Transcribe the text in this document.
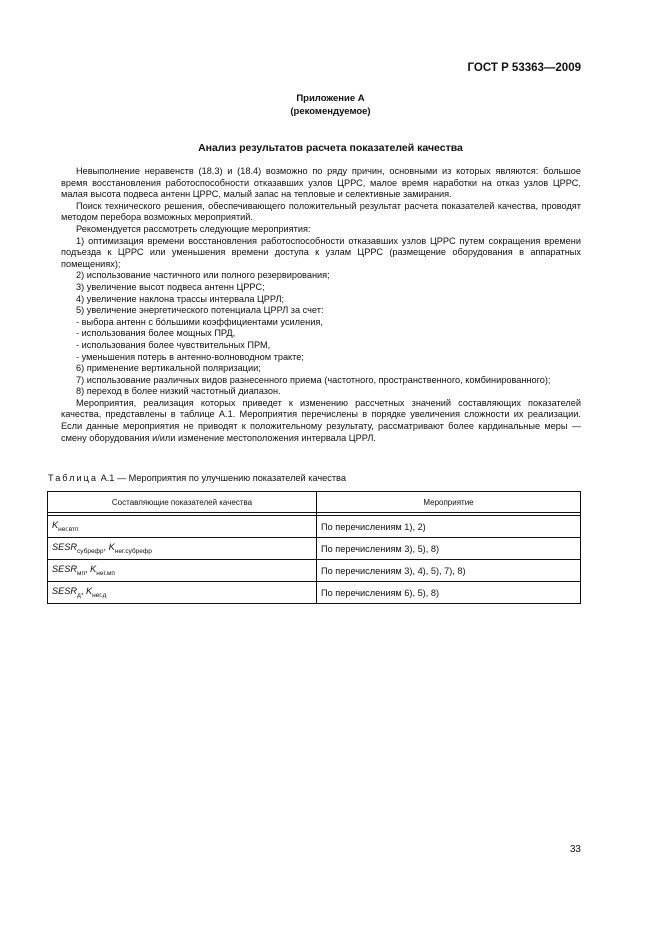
ГОСТ Р 53363—2009
Приложение А
(рекомендуемое)
Анализ результатов расчета показателей качества

Невыполнение неравенств (18.3) и (18.4) возможно по ряду причин, основными из которых являются: большое время восстановления работоспособности отказавших узлов ЦРРС, малое время наработки на отказ узлов ЦРРС, малая высота подвеса антенн ЦРРС, малый запас на тепловые и селективные замирания.

Поиск технического решения, обеспечивающего положительный результат расчета показателей качества, проводят методом перебора возможных мероприятий.

Рекомендуется рассмотреть следующие мероприятия:

1) оптимизация времени восстановления работоспособности отказавших узлов ЦРРС путем сокращения времени подъезда к ЦРРС или уменьшения времени доступа к узлам ЦРРС (размещение оборудования в аппаратных помещениях);

2) использование частичного или полного резервирования;

3) увеличение высот подвеса антенн ЦРРС;

4) увеличение наклона трассы интервала ЦРРЛ;

5) увеличение энергетического потенциала ЦРРЛ за счет:

- выбора антенн с бóльшими коэффициентами усиления,

- использования более мощных ПРД,

- использования более чувствительных ПРМ,

- уменьшения потерь в антенно-волноводном тракте;

6) применение вертикальной поляризации;

7) использование различных видов разнесенного приема (частотного, пространственного, комбинированного);

8) переход в более низкий частотный диапазон.

Мероприятия, реализация которых приведет к изменению рассчетных значений составляющих показателей качества, представлены в таблице А.1. Мероприятия перечислены в порядке увеличения сложности их реализации. Если данные мероприятия не приводят к положительному результату, рассматривают более кардинальные меры — смену оборудования и/или изменение местоположения интервала ЦРРЛ.

Таблица А.1 — Мероприятия по улучшению показателей качества
Составляющие показателей качества	Мероприятие

$K_{нег.втп}$	По перечислениям 1), 2)
$SESR_{субрефр}$, $K_{нег.субрефр}$	По перечислениям 3), 5), 8)
$SESR_{мп}$, $K_{нег.мп}$	По перечислениям 3), 4), 5), 7), 8)
$SESR_д$, $K_{нег.д}$	По перечислениям 6), 5), 8)
33
